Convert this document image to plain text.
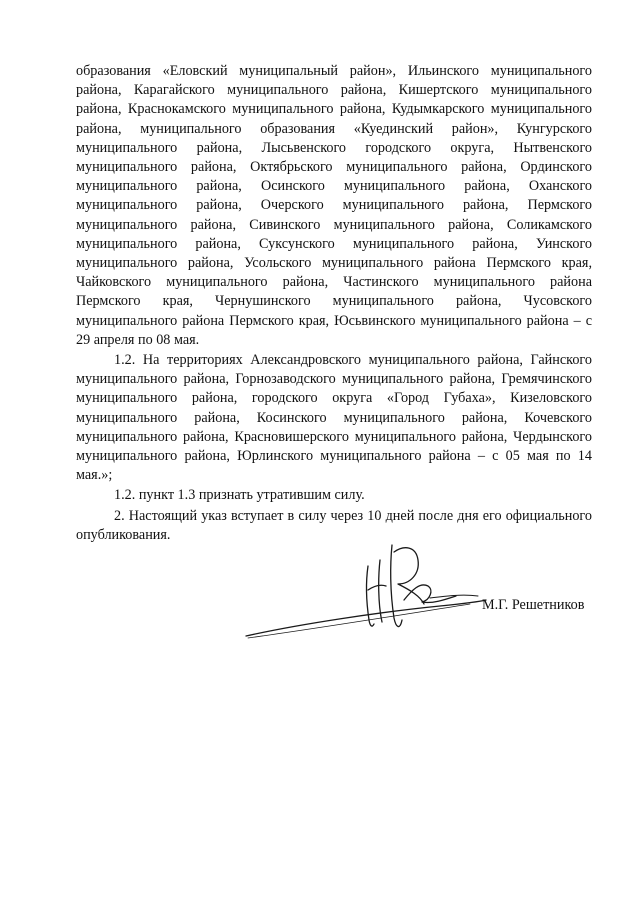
образования «Еловский муниципальный район», Ильинского муниципального района, Карагайского муниципального района, Кишертского муниципального района, Краснокамского муниципального района, Кудымкарского муниципального района, муниципального образования «Куединский район», Кунгурского муниципального района, Лысьвенского городского округа, Нытвенского муниципального района, Октябрьского муниципального района, Ординского муниципального района, Осинского муниципального района, Оханского муниципального района, Очерского муниципального района, Пермского муниципального района, Сивинского муниципального района, Соликамского муниципального района, Суксунского муниципального района, Уинского муниципального района, Усольского муниципального района Пермского края, Чайковского муниципального района, Частинского муниципального района Пермского края, Чернушинского муниципального района, Чусовского муниципального района Пермского края, Юсьвинского муниципального района – с 29 апреля по 08 мая.

1.2. На территориях Александровского муниципального района, Гайнского муниципального района, Горнозаводского муниципального района, Гремячинского муниципального района, городского округа «Город Губаха», Кизеловского муниципального района, Косинского муниципального района, Кочевского муниципального района, Красновишерского муниципального района, Чердынского муниципального района, Юрлинского муниципального района – с 05 мая по 14 мая.»;

1.2. пункт 1.3 признать утратившим силу.

2. Настоящий указ вступает в силу через 10 дней после дня его официального опубликования.

М.Г. Решетников
